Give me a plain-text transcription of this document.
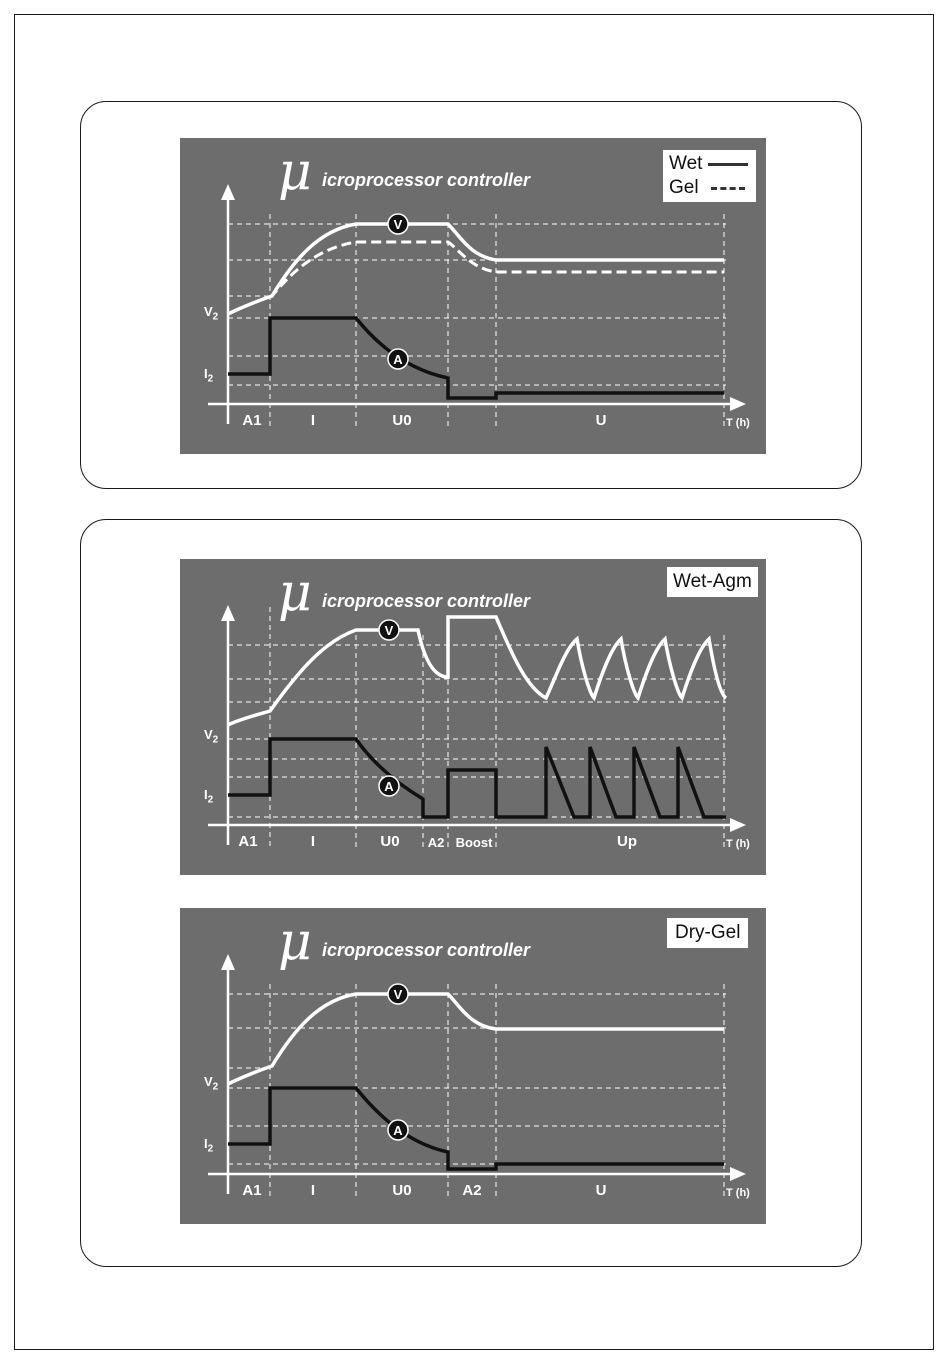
V
A
μ icroprocessor controller
Wet
Gel
$V_2$
$I_2$
A1	I	U0	U	T (h)
V
A
μ icroprocessor controller
Wet-Agm
$V_2$
$I_2$
A1	I	U0 A2 Boost	Up	T (h)
V
A
μ icroprocessor controller
Dry-Gel
$V_2$
$I_2$
A1	I	U0	A2	U	T (h)
